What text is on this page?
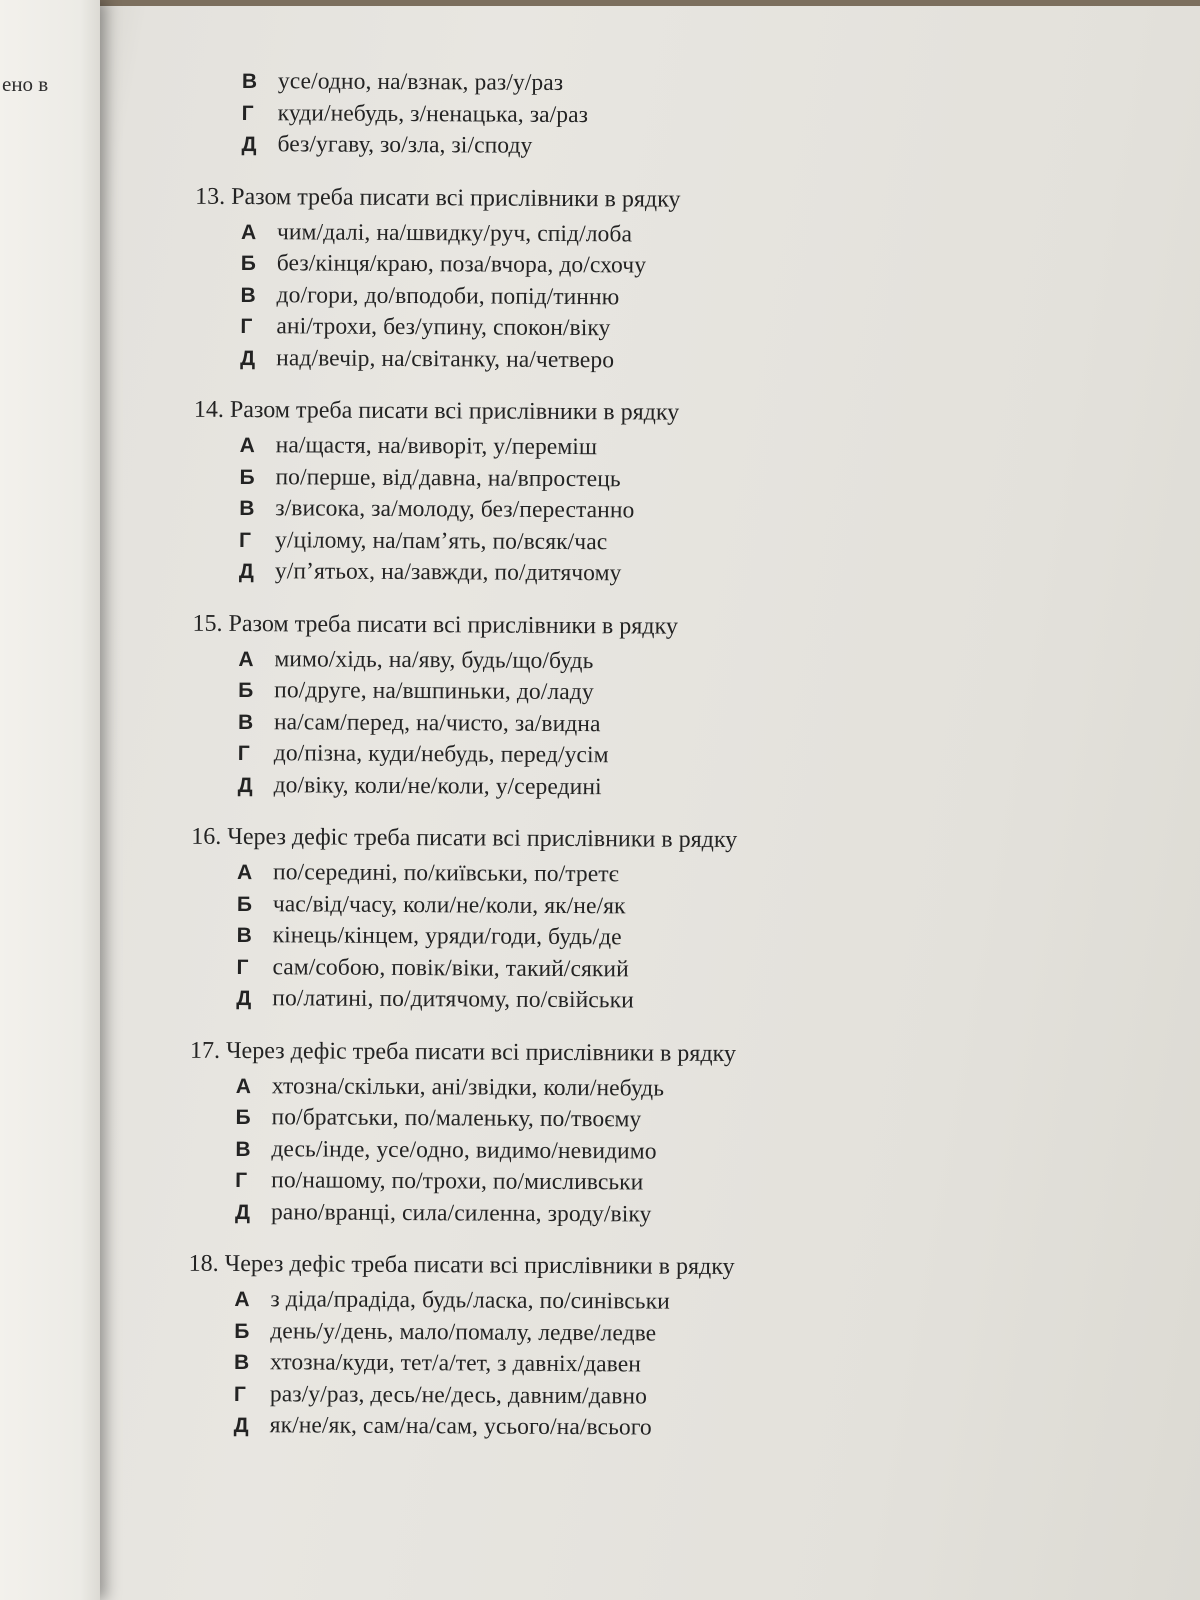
ено в	В усе/одно, на/взнак, раз/у/раз
Г	куди/небудь, з/ненацька, за/раз
Д без/угаву, зо/зла, зі/споду
13. Разом треба писати всі прислівники в рядку
А чим/далі, на/швидку/руч, спід/лоба
Б без/кінця/краю, поза/вчора, до/схочу
В до/гори, до/вподоби, попід/тинню
Г	ані/трохи, без/упину, спокон/віку
Д над/вечір, на/світанку, на/четверо
14. Разом треба писати всі прислівники в рядку
А на/щастя, на/виворіт, у/переміш
Б по/перше, від/давна, на/впростець
В з/висока, за/молоду, без/перестанно
Г	у/цілому, на/пам’ять, по/всяк/час
Д у/п’ятьох, на/завжди, по/дитячому
15. Разом треба писати всі прислівники в рядку
А мимо/хідь, на/яву, будь/що/будь
Б по/друге, на/вшпиньки, до/ладу
В на/сам/перед, на/чисто, за/видна
Г	до/пізна, куди/небудь, перед/усім
Д до/віку, коли/не/коли, у/середині
16. Через дефіс треба писати всі прислівники в рядку
А по/середині, по/київськи, по/третє
Б час/від/часу, коли/не/коли, як/не/як
В кінець/кінцем, уряди/годи, будь/де
Г	сам/собою, повік/віки, такий/сякий
Д по/латині, по/дитячому, по/свійськи
17. Через дефіс треба писати всі прислівники в рядку
А хтозна/скільки, ані/звідки, коли/небудь
Б по/братськи, по/маленьку, по/твоєму
В десь/інде, усе/одно, видимо/невидимо
Г	по/нашому, по/трохи, по/мисливськи
Д рано/вранці, сила/силенна, зроду/віку
18. Через дефіс треба писати всі прислівники в рядку
А з діда/прадіда, будь/ласка, по/синівськи
Б день/у/день, мало/помалу, ледве/ледве
В хтозна/куди, тет/а/тет, з давніх/давен
Г	раз/у/раз, десь/не/десь, давним/давно
Д як/не/як, сам/на/сам, усього/на/всього
